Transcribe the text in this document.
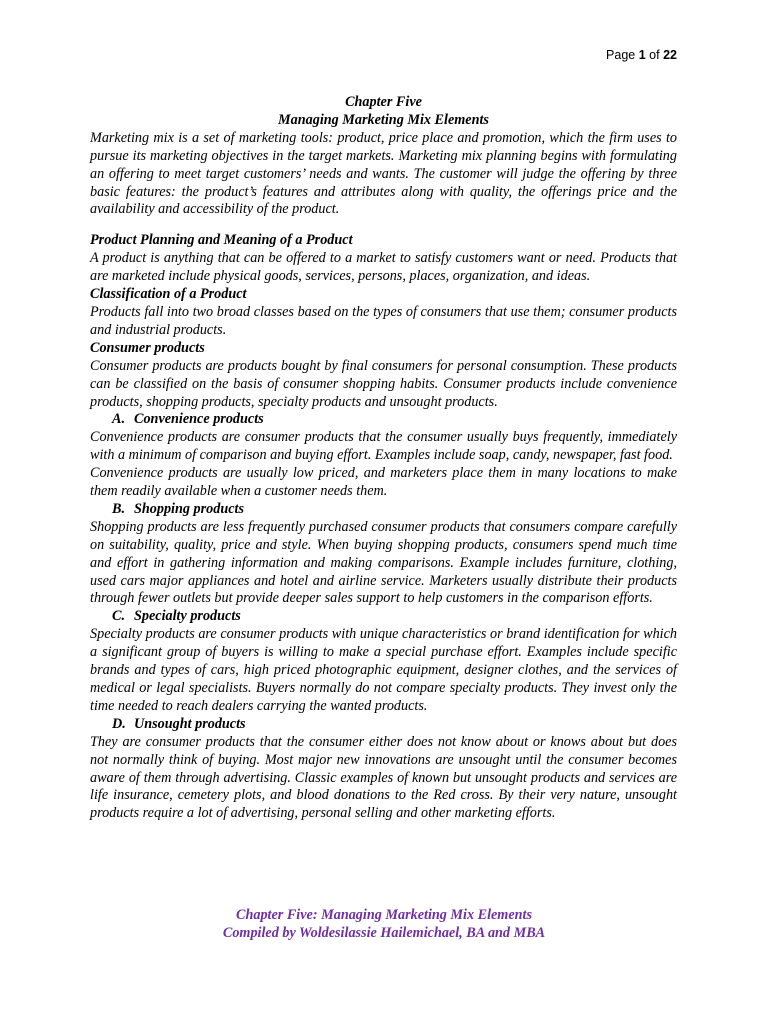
Page 1 of 22
Chapter Five
Managing Marketing Mix Elements

Marketing mix is a set of marketing tools: product, price place and promotion, which the firm uses to pursue its marketing objectives in the target markets. Marketing mix planning begins with formulating an offering to meet target customers’ needs and wants. The customer will judge the offering by three basic features: the product’s features and attributes along with quality, the offerings price and the availability and accessibility of the product.

Product Planning and Meaning of a Product

A product is anything that can be offered to a market to satisfy customers want or need. Products that are marketed include physical goods, services, persons, places, organization, and ideas.

Classification of a Product

Products fall into two broad classes based on the types of consumers that use them; consumer products and industrial products.

Consumer products

Consumer products are products bought by final consumers for personal consumption. These products can be classified on the basis of consumer shopping habits. Consumer products include convenience products, shopping products, specialty products and unsought products.

A. Convenience products

Convenience products are consumer products that the consumer usually buys frequently, immediately with a minimum of comparison and buying effort. Examples include soap, candy, newspaper, fast food.

Convenience products are usually low priced, and marketers place them in many locations to make them readily available when a customer needs them.

B. Shopping products

Shopping products are less frequently purchased consumer products that consumers compare carefully on suitability, quality, price and style. When buying shopping products, consumers spend much time and effort in gathering information and making comparisons. Example includes furniture, clothing, used cars major appliances and hotel and airline service. Marketers usually distribute their products through fewer outlets but provide deeper sales support to help customers in the comparison efforts.

C. Specialty products

Specialty products are consumer products with unique characteristics or brand identification for which a significant group of buyers is willing to make a special purchase effort. Examples include specific brands and types of cars, high priced photographic equipment, designer clothes, and the services of medical or legal specialists. Buyers normally do not compare specialty products. They invest only the time needed to reach dealers carrying the wanted products.

D. Unsought products

They are consumer products that the consumer either does not know about or knows about but does not normally think of buying. Most major new innovations are unsought until the consumer becomes aware of them through advertising. Classic examples of known but unsought products and services are life insurance, cemetery plots, and blood donations to the Red cross. By their very nature, unsought products require a lot of advertising, personal selling and other marketing efforts.

Chapter Five: Managing Marketing Mix Elements
Compiled by Woldesilassie Hailemichael, BA and MBA
